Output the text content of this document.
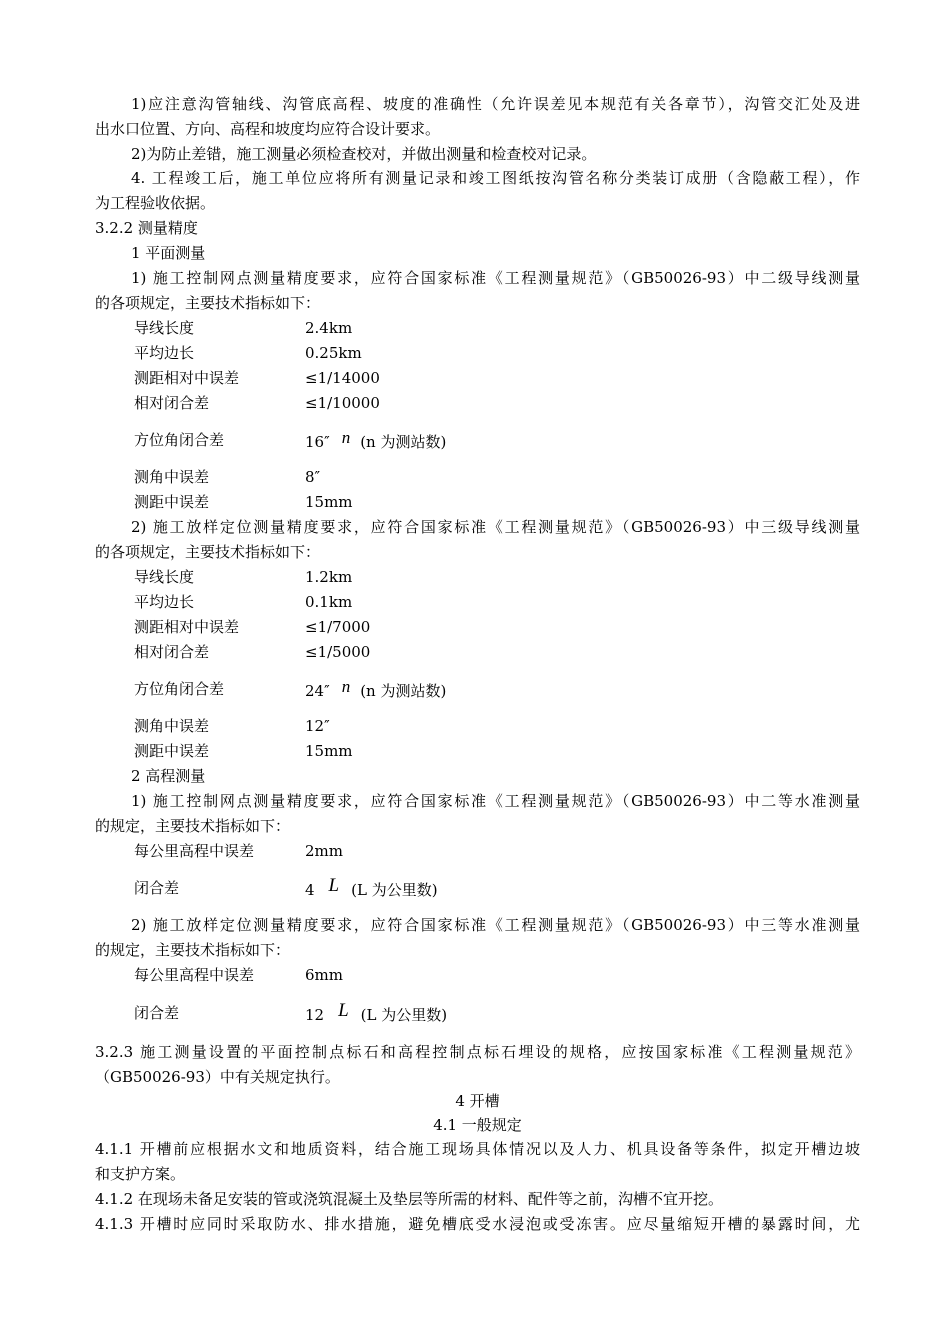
1)应注意沟管轴线、沟管底高程、坡度的准确性（允许误差见本规范有关各章节），沟管交汇处及进
出水口位置、方向、高程和坡度均应符合设计要求。
2)为防止差错，施工测量必须检查校对，并做出测量和检查校对记录。
4. 工程竣工后，施工单位应将所有测量记录和竣工图纸按沟管名称分类装订成册（含隐蔽工程），作
为工程验收依据。
3.2.2 测量精度
1 平面测量
1) 施工控制网点测量精度要求，应符合国家标准《工程测量规范》（GB50026-93）中二级导线测量
的各项规定，主要技术指标如下：
导线长度	2.4km
平均边长	0.25km
测距相对中误差	≤1/14000
相对闭合差	≤1/10000
方位角闭合差	16″ n (n 为测站数)
测角中误差	8″
测距中误差	15mm
2) 施工放样定位测量精度要求，应符合国家标准《工程测量规范》（GB50026-93）中三级导线测量
的各项规定，主要技术指标如下：
导线长度	1.2km
平均边长	0.1km
测距相对中误差	≤1/7000
相对闭合差	≤1/5000
方位角闭合差	24″ n (n 为测站数)
测角中误差	12″
测距中误差	15mm
2 高程测量
1) 施工控制网点测量精度要求，应符合国家标准《工程测量规范》（GB50026-93）中二等水准测量
的规定，主要技术指标如下：
每公里高程中误差	2mm
闭合差	4 L (L 为公里数)
2) 施工放样定位测量精度要求，应符合国家标准《工程测量规范》（GB50026-93）中三等水准测量
的规定，主要技术指标如下：
每公里高程中误差	6mm
闭合差	12 L (L 为公里数)
3.2.3 施工测量设置的平面控制点标石和高程控制点标石埋设的规格，应按国家标准《工程测量规范》
（GB50026-93）中有关规定执行。
4 开槽
4.1 一般规定
4.1.1 开槽前应根据水文和地质资料，结合施工现场具体情况以及人力、机具设备等条件，拟定开槽边坡
和支护方案。
4.1.2 在现场未备足安装的管或浇筑混凝土及垫层等所需的材料、配件等之前，沟槽不宜开挖。
4.1.3 开槽时应同时采取防水、排水措施，避免槽底受水浸泡或受冻害。应尽量缩短开槽的暴露时间，尤
